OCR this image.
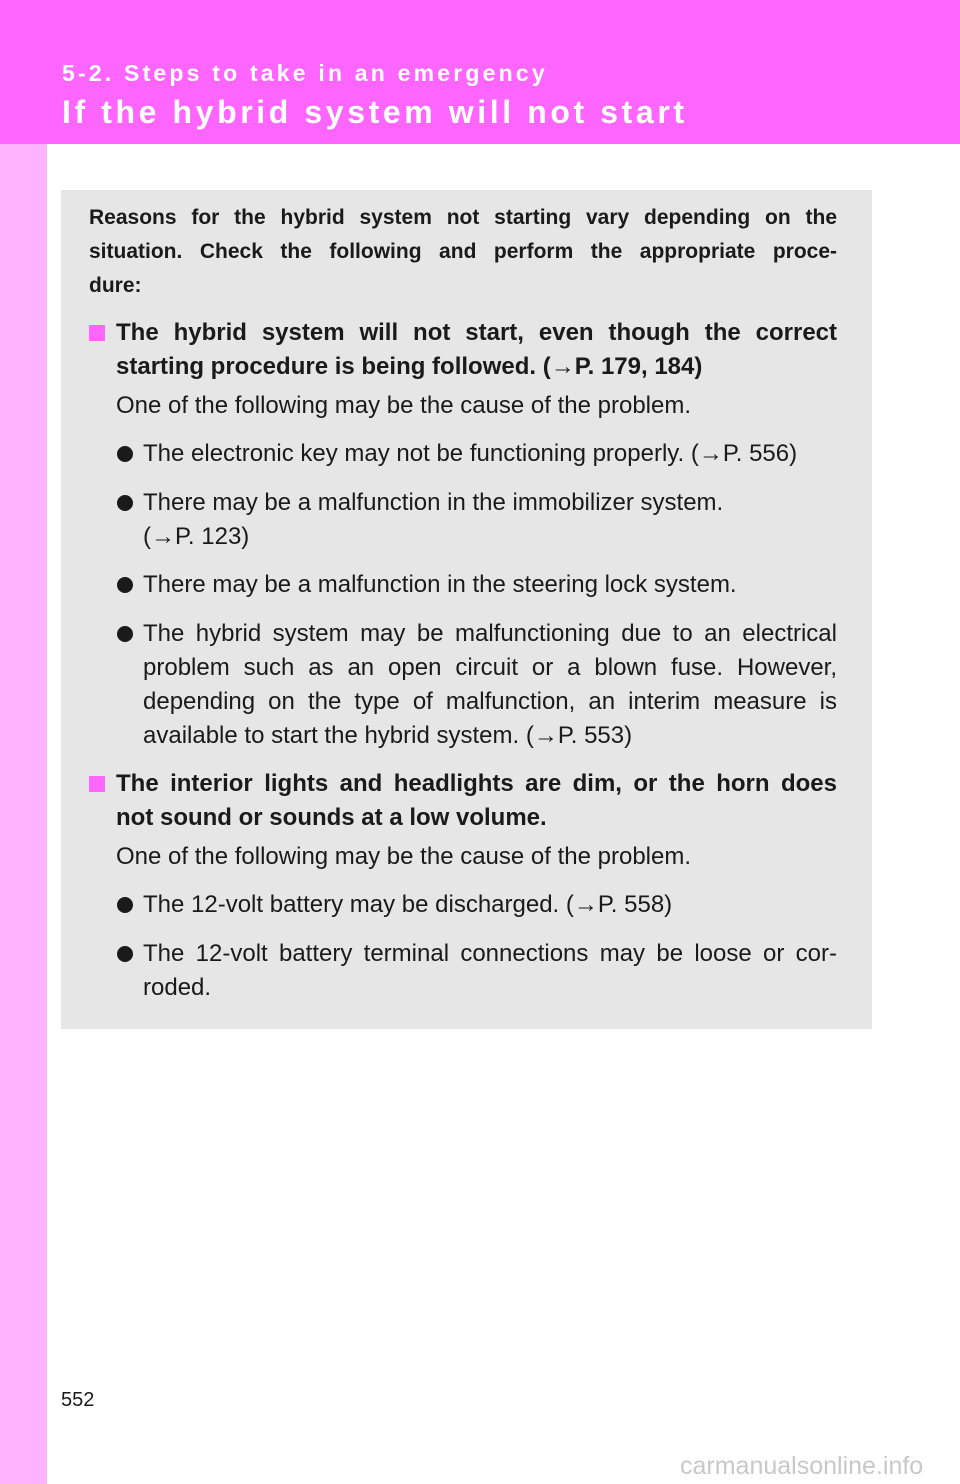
5-2. Steps to take in an emergency
If the hybrid system will not start
Reasons for the hybrid system not starting vary depending on the
situation. Check the following and perform the appropriate proce-
dure:
The hybrid system will not start, even though the correct
starting procedure is being followed. (→P. 179, 184)
One of the following may be the cause of the problem.
The electronic key may not be functioning properly. (→P. 556)
There may be a malfunction in the immobilizer system.
(→P. 123)
There may be a malfunction in the steering lock system.
The hybrid system may be malfunctioning due to an electrical
problem such as an open circuit or a blown fuse. However,
depending on the type of malfunction, an interim measure is
available to start the hybrid system. (→P. 553)
The interior lights and headlights are dim, or the horn does
not sound or sounds at a low volume.
One of the following may be the cause of the problem.
The 12-volt battery may be discharged. (→P. 558)
The 12-volt battery terminal connections may be loose or cor-
roded.
552
carmanualsonline.info
